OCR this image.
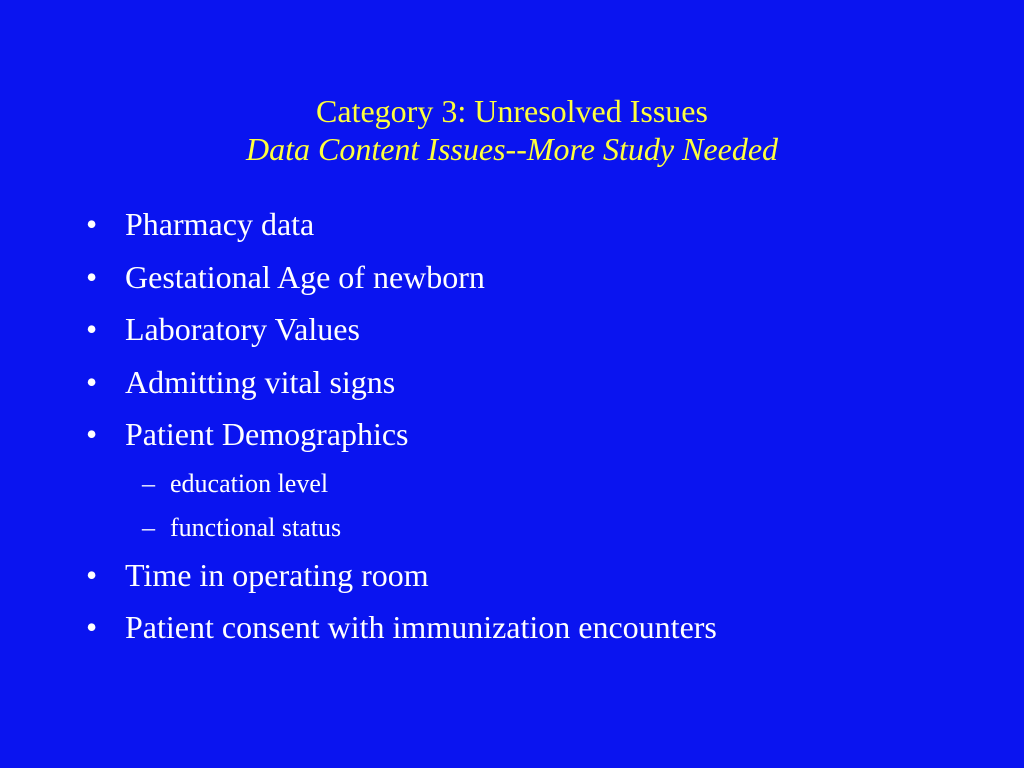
Category 3: Unresolved Issues
Data Content Issues--More Study Needed
• Pharmacy data
• Gestational Age of newborn
• Laboratory Values
• Admitting vital signs
• Patient Demographics
– education level
– functional status
• Time in operating room
• Patient consent with immunization encounters
